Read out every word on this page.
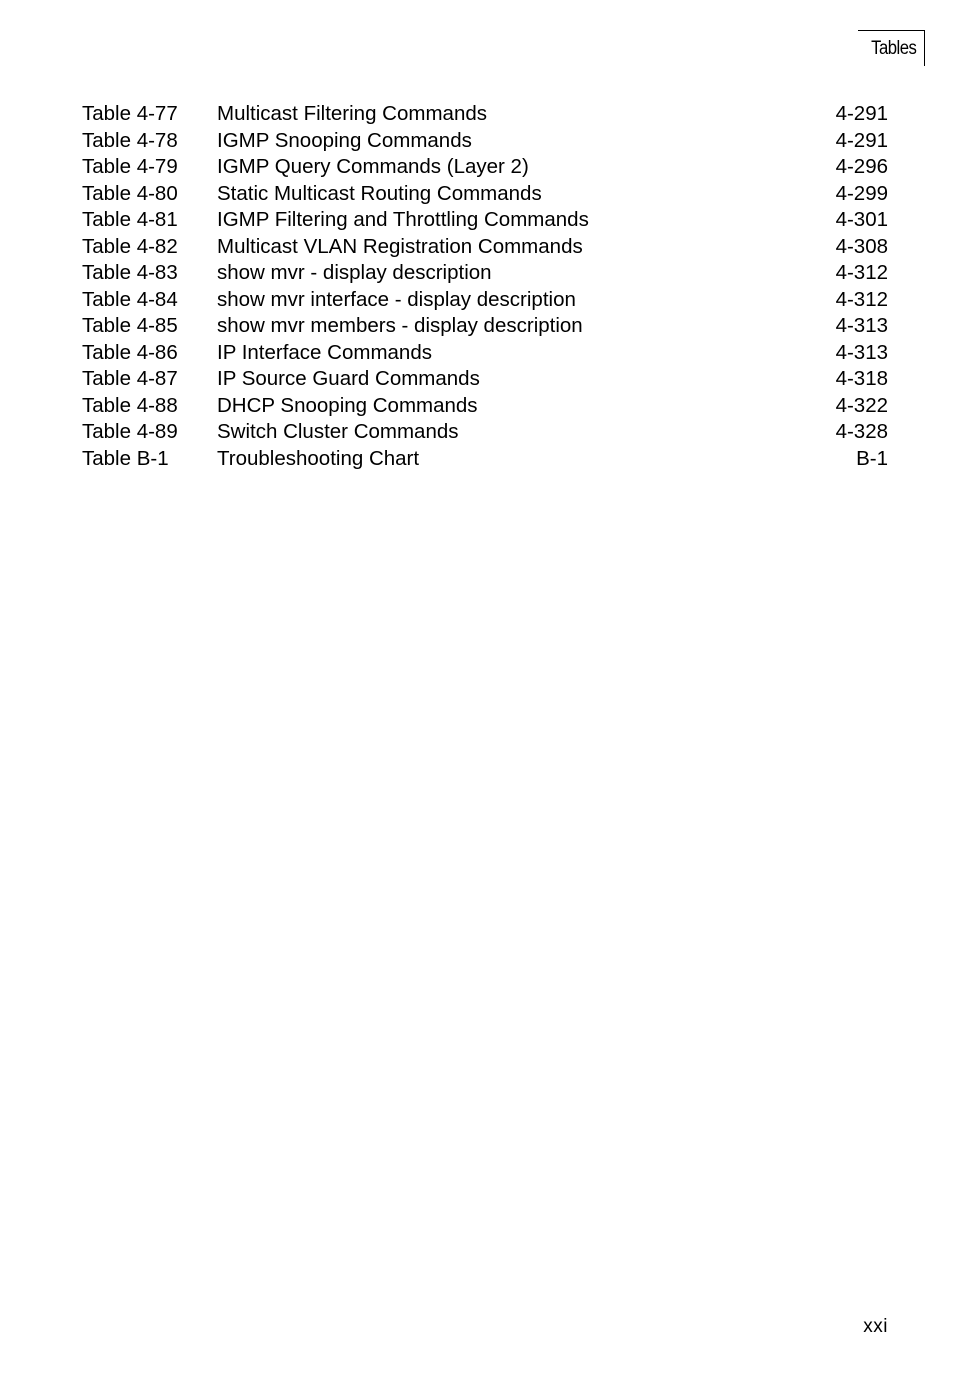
Tables
Table 4-77 Multicast Filtering Commands	4-291
Table 4-78 IGMP Snooping Commands	4-291
Table 4-79 IGMP Query Commands (Layer 2)	4-296
Table 4-80 Static Multicast Routing Commands	4-299
Table 4-81 IGMP Filtering and Throttling Commands	4-301
Table 4-82 Multicast VLAN Registration Commands	4-308
Table 4-83 show mvr - display description	4-312
Table 4-84 show mvr interface - display description	4-312
Table 4-85 show mvr members - display description	4-313
Table 4-86 IP Interface Commands	4-313
Table 4-87 IP Source Guard Commands	4-318
Table 4-88 DHCP Snooping Commands	4-322
Table 4-89 Switch Cluster Commands	4-328
Table B-1 Troubleshooting Chart	B-1
xxi
